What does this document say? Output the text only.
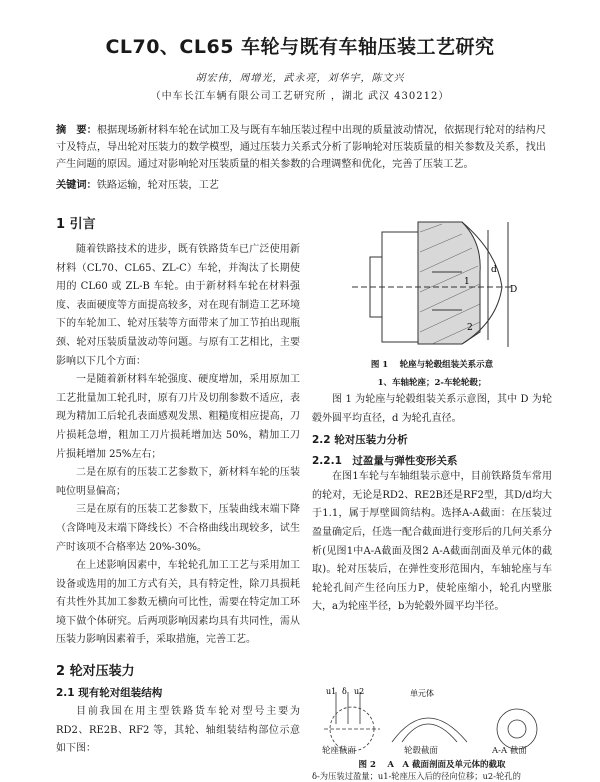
CL70、CL65 车轮与既有车轴压装工艺研究
胡宏伟，周增光，武永亮，刘华宇，陈文兴
（中车长江车辆有限公司工艺研究所 ，湖北 武汉 430212）
摘　要：根据现场新材料车轮在试加工及与既有车轴压装过程中出现的质量波动情况，依据现行轮对的结构尺寸及特点，导出轮对压装力的数学模型，通过压装力关系式分析了影响轮对压装质量的相关参数及关系，找出产生问题的原因。通过对影响轮对压装质量的相关参数的合理调整和优化，完善了压装工艺。
关键词：铁路运输，轮对压装，工艺
1 引言

随着铁路技术的进步，既有铁路货车已广泛使用新材料（CL70、CL65、ZL-C）车轮，并淘汰了长期使用的 CL60 或 ZL-B 车轮。由于新材料车轮在材料强度、表面硬度等方面提高较多，对在现有制造工艺环境下的车轮加工、轮对压装等方面带来了加工节拍出现瓶颈、轮对压装质量波动等问题。与原有工艺相比，主要影响以下几个方面：

一是随着新材料车轮强度、硬度增加，采用原加工工艺批量加工轮孔时，原有刀片及切削参数不适应，表现为精加工后轮孔表面感观发黑、粗糙度相应提高，刀片损耗急增，粗加工刀片损耗增加达 50%，精加工刀片损耗增加 25%左右；

二是在原有的压装工艺参数下，新材料车轮的压装吨位明显偏高；

三是在原有的压装工艺参数下，压装曲线末端下降（含降吨及末端下降线长）不合格曲线出现较多，试生产时该项不合格率达 20%-30%。

在上述影响因素中，车轮轮孔加工工艺与采用加工设备或选用的加工方式有关，具有特定性，除刀具损耗有共性外其加工参数无横向可比性，需要在特定加工环境下做个体研究。后两项影响因素均具有共同性，需从压装力影响因素着手，采取措施，完善工艺。

2 轮对压装力
2.1 现有轮对组装结构

目前我国在用主型铁路货车轮对型号主要为 RD2、RE2B、RF2 等，其轮、轴组装结构部位示意如下图：

1
2
D
d
图 1　 轮座与轮毂组装关系示意
1、车轴轮座；2-车轮轮毂；

图 1 为轮座与轮毂组装关系示意图，其中 D 为轮毂外圆平均直径，d 为轮孔直径。

2.2 轮对压装力分析
2.2.1　过盈量与弹性变形关系

在图1车轮与车轴组装示意中，目前铁路货车常用的轮对，无论是RD2、RE2B还是RF2型，其D/d均大于1.1，属于厚壁圆筒结构。选择A-A截面：在压装过盈量确定后，任选一配合截面进行变形后的几何关系分析(见图1中A-A截面及图2 A-A截面剖面及单元体的截取)。轮对压装后，在弹性变形范围内，车轴轮座与车轮轮孔间产生径向压力P，使轮座缩小，轮孔内壁胀大，a为轮座半径，b为轮毂外圆平均半径。

u1 δ u2	单元体
轮座截面	轮毂截面	A-A 截面
图 2　 A　A 截面剖面及单元体的截取
δ-为压装过盈量；u1-轮座压入后的径向位移；u2-轮孔的
